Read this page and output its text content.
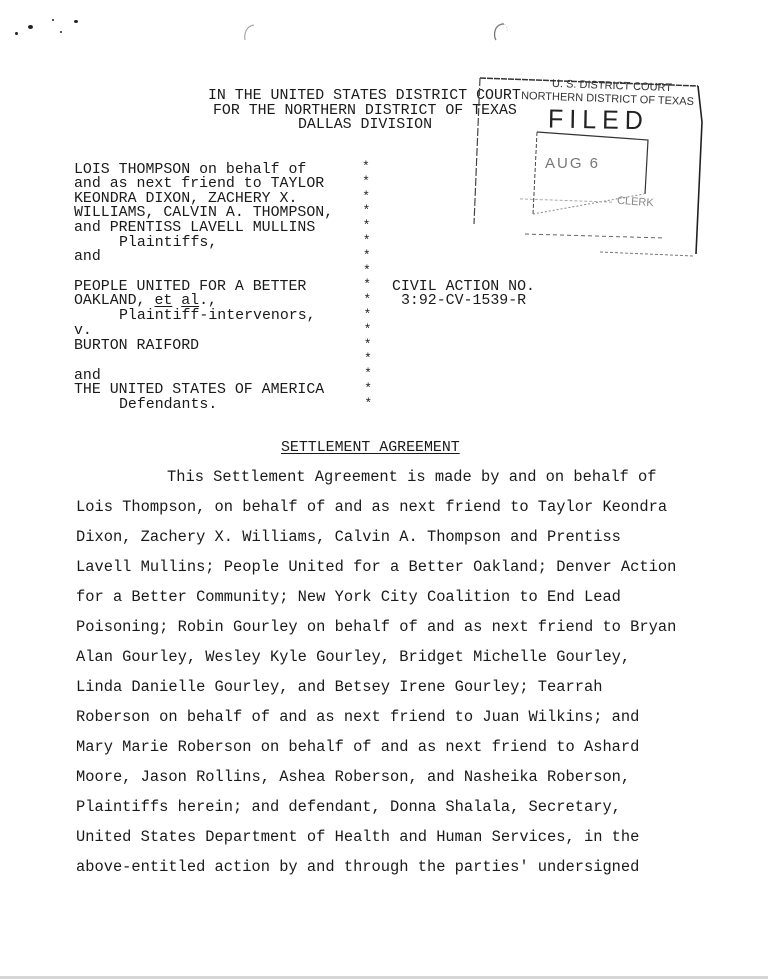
IN THE UNITED STATES DISTRICT COURT
FOR THE NORTHERN DISTRICT OF TEXAS
DALLAS DIVISION
U. S. DISTRICT COURT
NORTHERN DISTRICT OF TEXAS
FILED
AUG 6
CLERK
LOIS THOMPSON on behalf of
and as next friend to TAYLOR
KEONDRA DIXON, ZACHERY X.
WILLIAMS, CALVIN A. THOMPSON,
and PRENTISS LAVELL MULLINS
Plaintiffs,
and
PEOPLE UNITED FOR A BETTER
OAKLAND, et al.,
Plaintiff-intervenors,
v.
BURTON RAIFORD
and
THE UNITED STATES OF AMERICA
Defendants.
*
*
*
*
*
*
*
*
*
*
*
*
*
*
*
*
*
CIVIL ACTION NO.
3:92-CV-1539-R
SETTLEMENT AGREEMENT
This Settlement Agreement is made by and on behalf of
Lois Thompson, on behalf of and as next friend to Taylor Keondra
Dixon, Zachery X. Williams, Calvin A. Thompson and Prentiss
Lavell Mullins; People United for a Better Oakland; Denver Action
for a Better Community; New York City Coalition to End Lead
Poisoning; Robin Gourley on behalf of and as next friend to Bryan
Alan Gourley, Wesley Kyle Gourley, Bridget Michelle Gourley,
Linda Danielle Gourley, and Betsey Irene Gourley; Tearrah
Roberson on behalf of and as next friend to Juan Wilkins; and
Mary Marie Roberson on behalf of and as next friend to Ashard
Moore, Jason Rollins, Ashea Roberson, and Nasheika Roberson,
Plaintiffs herein; and defendant, Donna Shalala, Secretary,
United States Department of Health and Human Services, in the
above-entitled action by and through the parties' undersigned
